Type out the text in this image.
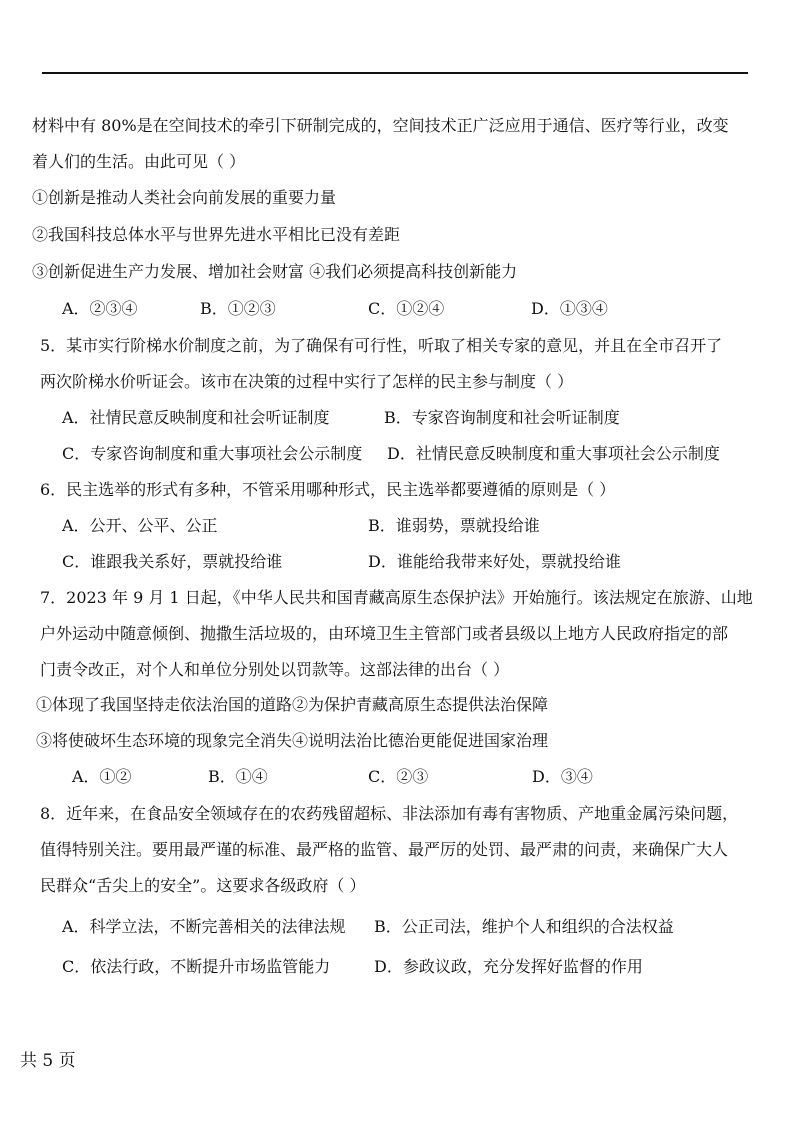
材料中有 80%是在空间技术的牵引下研制完成的，空间技术正广泛应用于通信、医疗等行业，改变
着人们的生活。由此可见（ ）
①创新是推动人类社会向前发展的重要力量
②我国科技总体水平与世界先进水平相比已没有差距
③创新促进生产力发展、增加社会财富 ④我们必须提高科技创新能力
A．②③④	B．①②③	C．①②④	D．①③④
5．某市实行阶梯水价制度之前，为了确保有可行性，听取了相关专家的意见，并且在全市召开了
两次阶梯水价听证会。该市在决策的过程中实行了怎样的民主参与制度（ ）
A．社情民意反映制度和社会听证制度	B．专家咨询制度和社会听证制度
C．专家咨询制度和重大事项社会公示制度 D．社情民意反映制度和重大事项社会公示制度
6．民主选举的形式有多种，不管采用哪种形式，民主选举都要遵循的原则是（ ）
A．公开、公平、公正	B．谁弱势，票就投给谁
C．谁跟我关系好，票就投给谁	D．谁能给我带来好处，票就投给谁
7．2023 年 9 月 1 日起，《中华人民共和国青藏高原生态保护法》开始施行。该法规定在旅游、山地
户外运动中随意倾倒、抛撒生活垃圾的，由环境卫生主管部门或者县级以上地方人民政府指定的部
门责令改正，对个人和单位分别处以罚款等。这部法律的出台（ ）
①体现了我国坚持走依法治国的道路②为保护青藏高原生态提供法治保障
③将使破坏生态环境的现象完全消失④说明法治比德治更能促进国家治理
A．①②	B．①④	C．②③	D．③④
8．近年来，在食品安全领域存在的农药残留超标、非法添加有毒有害物质、产地重金属污染问题，
值得特别关注。要用最严谨的标准、最严格的监管、最严厉的处罚、最严肃的问责，来确保广大人
民群众“舌尖上的安全”。这要求各级政府（ ）
A．科学立法，不断完善相关的法律法规 B．公正司法，维护个人和组织的合法权益
C．依法行政，不断提升市场监管能力	D．参政议政，充分发挥好监督的作用
共 5 页
